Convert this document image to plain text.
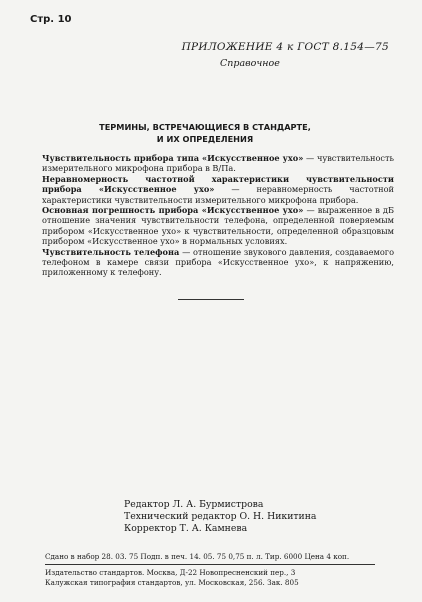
Стр. 10
ПРИЛОЖЕНИЕ 4 к ГОСТ 8.154—75
Справочное
ТЕРМИНЫ, ВСТРЕЧАЮЩИЕСЯ В СТАНДАРТЕ,
И ИХ ОПРЕДЕЛЕНИЯ

Чувствительность прибора типа «Искусственное ухо» — чувствительность измерительного микрофона прибора в В/Па.

Неравномерность частотной характеристики чувствительности прибора «Искусственное ухо» — неравномерность частотной характеристики чувствительности измерительного микрофона прибора.

Основная погрешность прибора «Искусственное ухо» — выраженное в дБ отношение значения чувствительности телефона, определенной поверяемым прибором «Искусственное ухо» к чувствительности, определенной образцовым прибором «Искусственное ухо» в нормальных условиях.

Чувствительность телефона — отношение звукового давления, создаваемого телефоном в камере связи прибора «Искусственное ухо», к напряжению, приложенному к телефону.

Редактор Л. А. Бурмистрова
Технический редактор О. Н. Никитина
Корректор Т. А. Камнева
Сдано в набор 28. 03. 75 Подп. в печ. 14. 05. 75 0,75 п. л. Тир. 6000 Цена 4 коп.
Издательство стандартов. Москва, Д-22 Новопресненский пер., 3
Калужская типография стандартов, ул. Московская, 256. Зак. 805
